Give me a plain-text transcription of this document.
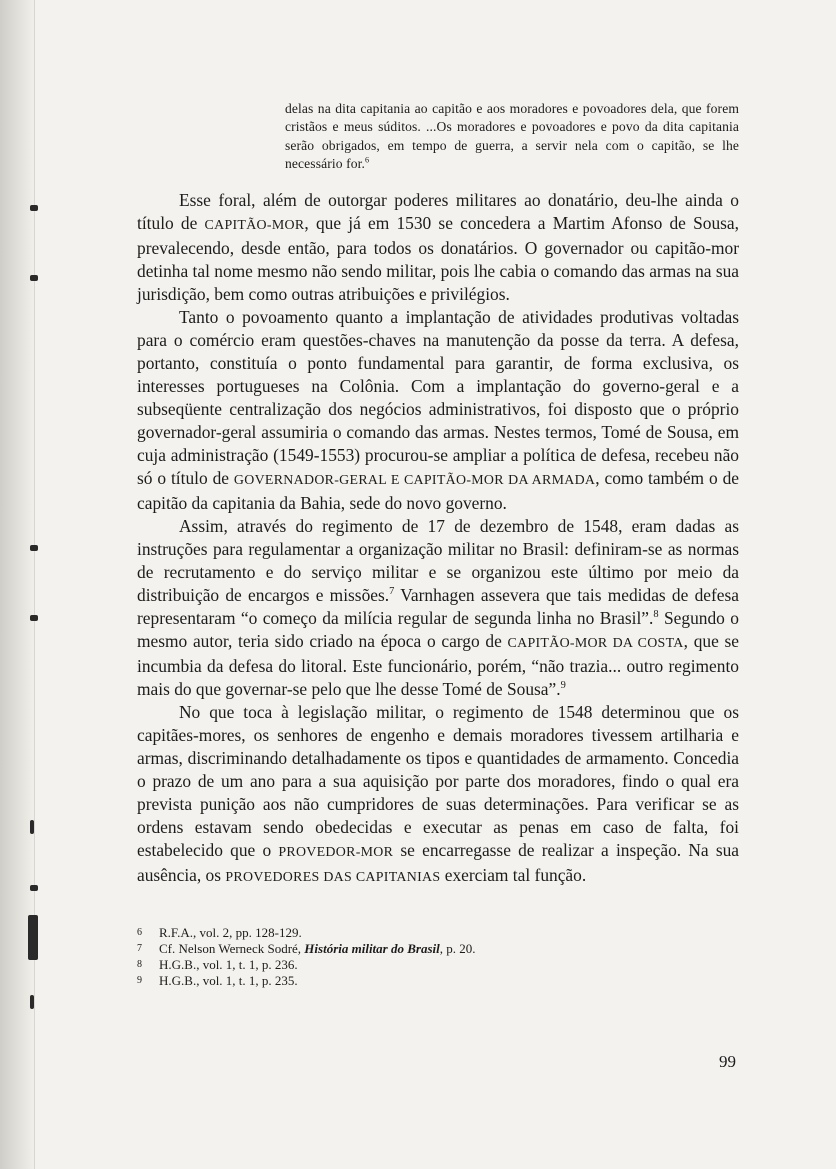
delas na dita capitania ao capitão e aos moradores e povoadores dela, que forem cristãos e meus súditos. ...Os moradores e povoadores e povo da dita capitania serão obrigados, em tempo de guerra, a servir nela com o capitão, se lhe necessário for.$^6$

Esse foral, além de outorgar poderes militares ao donatário, deu-lhe ainda o título de CAPITÃO-MOR, que já em 1530 se concedera a Martim Afonso de Sousa, prevalecendo, desde então, para todos os donatários. O governador ou capitão-mor detinha tal nome mesmo não sendo militar, pois lhe cabia o comando das armas na sua jurisdição, bem como outras atribuições e privilégios.

Tanto o povoamento quanto a implantação de atividades produtivas voltadas para o comércio eram questões-chaves na manutenção da posse da terra. A defesa, portanto, constituía o ponto fundamental para garantir, de forma exclusiva, os interesses portugueses na Colônia. Com a implantação do governo-geral e a subseqüente centralização dos negócios administrativos, foi disposto que o próprio governador-geral assumiria o comando das armas. Nestes termos, Tomé de Sousa, em cuja administração (1549-1553) procurou-se ampliar a política de defesa, recebeu não só o título de GOVERNADOR-GERAL E CAPITÃO-MOR DA ARMADA, como também o de capitão da capitania da Bahia, sede do novo governo.

Assim, através do regimento de 17 de dezembro de 1548, eram dadas as instruções para regulamentar a organização militar no Brasil: definiram-se as normas de recrutamento e do serviço militar e se organizou este último por meio da distribuição de encargos e missões.$^7$ Varnhagen assevera que tais medidas de defesa representaram “o começo da milícia regular de segunda linha no Brasil”.$^8$ Segundo o mesmo autor, teria sido criado na época o cargo de CAPITÃO-MOR DA COSTA, que se incumbia da defesa do litoral. Este funcionário, porém, “não trazia... outro regimento mais do que governar-se pelo que lhe desse Tomé de Sousa”.$^9$

No que toca à legislação militar, o regimento de 1548 determinou que os capitães-mores, os senhores de engenho e demais moradores tivessem artilharia e armas, discriminando detalhadamente os tipos e quantidades de armamento. Concedia o prazo de um ano para a sua aquisição por parte dos moradores, findo o qual era prevista punição aos não cumpridores de suas determinações. Para verificar se as ordens estavam sendo obedecidas e executar as penas em caso de falta, foi estabelecido que o PROVEDOR-MOR se encarregasse de realizar a inspeção. Na sua ausência, os PROVEDORES DAS CAPITANIAS exerciam tal função.

6	R.F.A., vol. 2, pp. 128-129.
7	Cf. Nelson Werneck Sodré, História militar do Brasil, p. 20.
8	H.G.B., vol. 1, t. 1, p. 236.
9	H.G.B., vol. 1, t. 1, p. 235.
99
